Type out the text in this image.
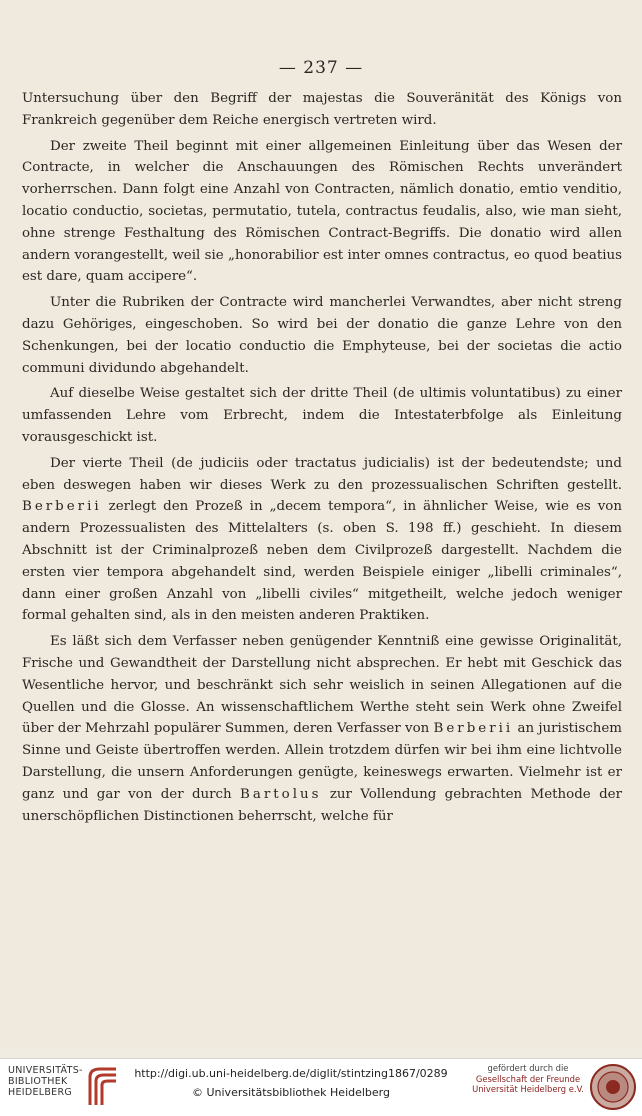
— 237 —

Untersuchung über den Begriff der majestas die Souveränität des Königs von Frankreich gegenüber dem Reiche energisch vertreten wird.

Der zweite Theil beginnt mit einer allgemeinen Einleitung über das Wesen der Contracte, in welcher die Anschauungen des Römischen Rechts unverändert vorherrschen. Dann folgt eine Anzahl von Contracten, nämlich donatio, emtio venditio, locatio conductio, societas, permutatio, tutela, contractus feudalis, also, wie man sieht, ohne strenge Festhaltung des Römischen Contract-Begriffs. Die donatio wird allen andern vorangestellt, weil sie „honorabilior est inter omnes contractus, eo quod beatius est dare, quam accipere“.

Unter die Rubriken der Contracte wird mancherlei Verwandtes, aber nicht streng dazu Gehöriges, eingeschoben. So wird bei der donatio die ganze Lehre von den Schenkungen, bei der locatio conductio die Emphyteuse, bei der societas die actio communi dividundo abgehandelt.

Auf dieselbe Weise gestaltet sich der dritte Theil (de ultimis voluntatibus) zu einer umfassenden Lehre vom Erbrecht, indem die Intestaterbfolge als Einleitung vorausgeschickt ist.

Der vierte Theil (de judiciis oder tractatus judicialis) ist der bedeutendste; und eben deswegen haben wir dieses Werk zu den prozessualischen Schriften gestellt. Berberii zerlegt den Prozeß in „decem tempora“, in ähnlicher Weise, wie es von andern Prozessualisten des Mittelalters (s. oben S. 198 ff.) geschieht. In diesem Abschnitt ist der Criminalprozeß neben dem Civilprozeß dargestellt. Nachdem die ersten vier tempora abgehandelt sind, werden Beispiele einiger „libelli criminales“, dann einer großen Anzahl von „libelli civiles“ mitgetheilt, welche jedoch weniger formal gehalten sind, als in den meisten anderen Praktiken.

Es läßt sich dem Verfasser neben genügender Kenntniß eine gewisse Originalität, Frische und Gewandtheit der Darstellung nicht absprechen. Er hebt mit Geschick das Wesentliche hervor, und beschränkt sich sehr weislich in seinen Allegationen auf die Quellen und die Glosse. An wissenschaftlichem Werthe steht sein Werk ohne Zweifel über der Mehrzahl populärer Summen, deren Verfasser von Berberii an juristischem Sinne und Geiste übertroffen werden. Allein trotzdem dürfen wir bei ihm eine lichtvolle Darstellung, die unsern Anforderungen genügte, keineswegs erwarten. Vielmehr ist er ganz und gar von der durch Bartolus zur Vollendung gebrachten Methode der unerschöpflichen Distinctionen beherrscht, welche für

UNIVERSITÄTS-
BIBLIOTHEK
HEIDELBERG
http://digi.ub.uni-heidelberg.de/diglit/stintzing1867/0289
© Universitätsbibliothek Heidelberg
gefördert durch die
Gesellschaft der Freunde
Universität Heidelberg e.V.
